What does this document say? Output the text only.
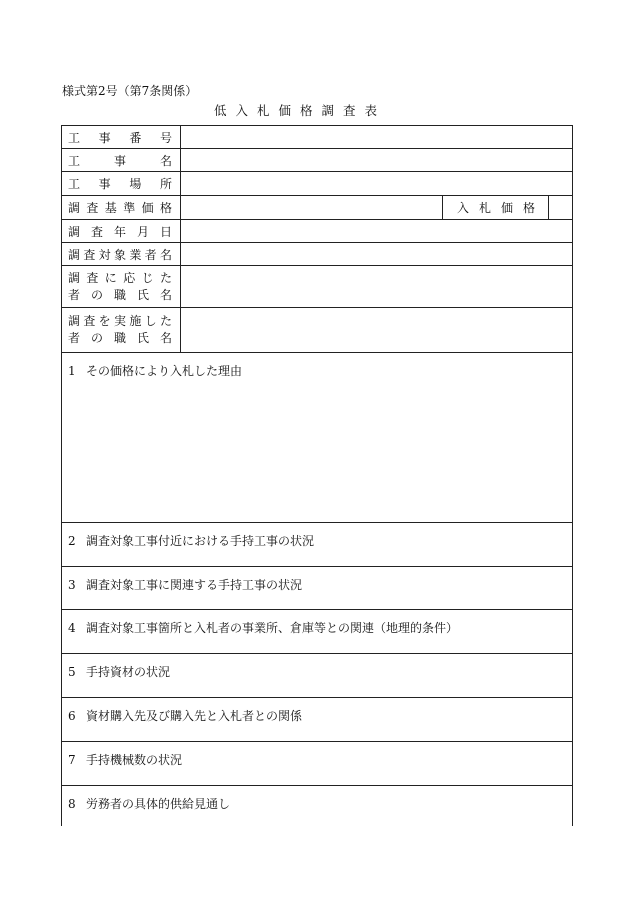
様式第2号（第7条関係）
低入札価格調査表
工事番号
工事名
工事場所
調査基準価格	入札価格
調査年月日
調査対象業者名
調査に応じた
者の職氏名
調査を実施した
者の職氏名
1 その価格により入札した理由
2 調査対象工事付近における手持工事の状況
3 調査対象工事に関連する手持工事の状況
4 調査対象工事箇所と入札者の事業所、倉庫等との関連（地理的条件）
5 手持資材の状況
6 資材購入先及び購入先と入札者との関係
7 手持機械数の状況
8 労務者の具体的供給見通し
